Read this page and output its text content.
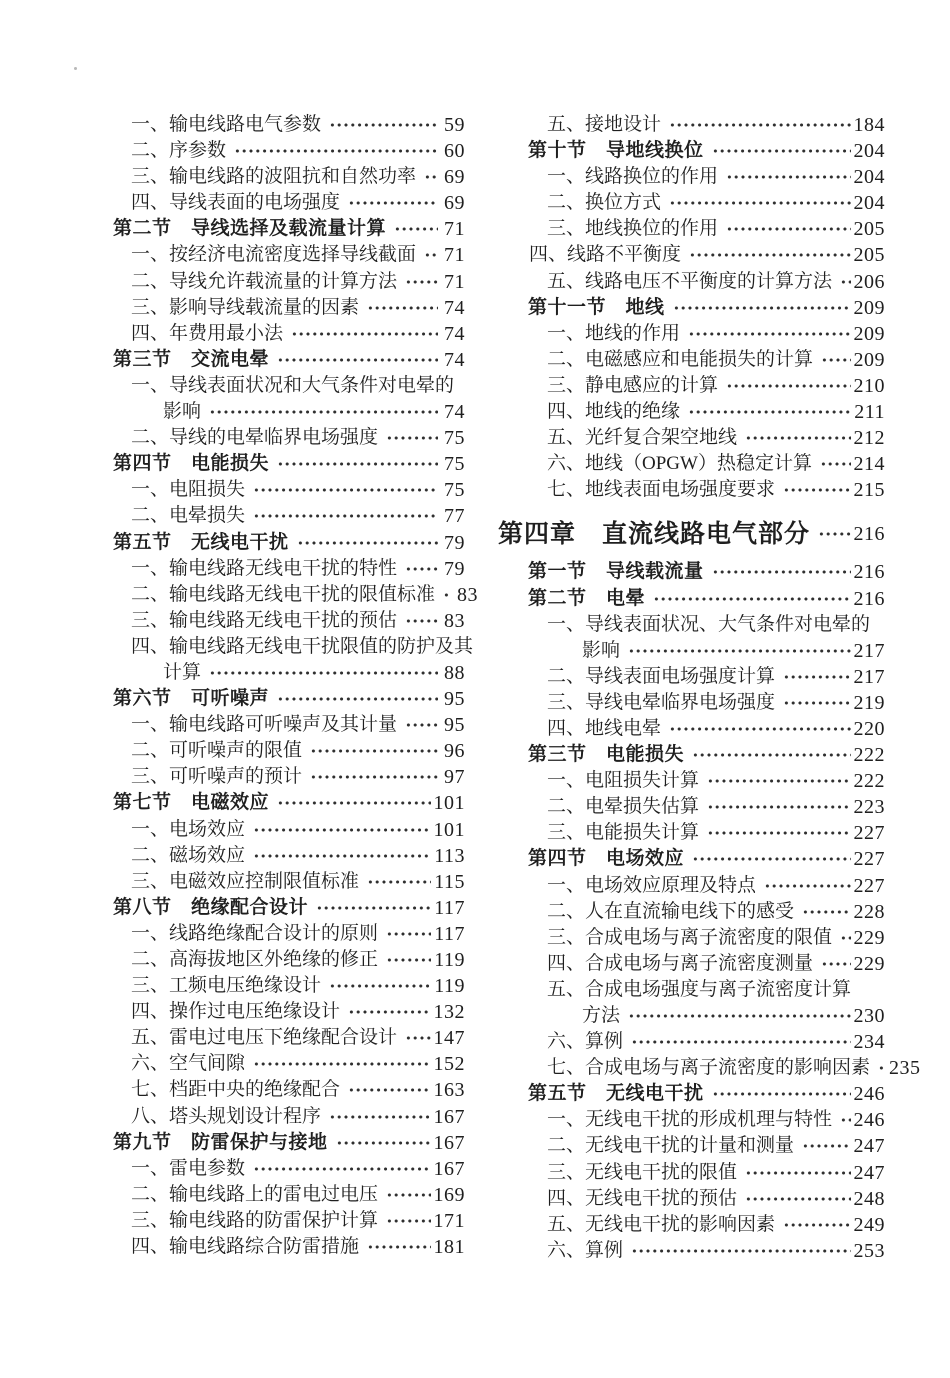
一、输电线路电气参数	59
二、序参数	60
三、输电线路的波阻抗和自然功率 69
四、导线表面的电场强度	69
第二节　导线选择及载流量计算	71
一、按经济电流密度选择导线截面 71
二、导线允许载流量的计算方法 71
三、影响导线载流量的因素	74
四、年费用最小法	74
第三节　交流电晕	74
一、导线表面状况和大气条件对电晕的
影响	74
二、导线的电晕临界电场强度	75
第四节　电能损失	75
一、电阻损失	75
二、电晕损失	77
第五节　无线电干扰	79
一、输电线路无线电干扰的特性 79
二、输电线路无线电干扰的限值标准 83
三、输电线路无线电干扰的预估 83
四、输电线路无线电干扰限值的防护及其
计算	88
第六节　可听噪声	95
一、输电线路可听噪声及其计量 95
二、可听噪声的限值	96
三、可听噪声的预计	97
第七节　电磁效应	101
一、电场效应	101
二、磁场效应	113
三、电磁效应控制限值标准	115
第八节　绝缘配合设计	117
一、线路绝缘配合设计的原则	117
二、高海拔地区外绝缘的修正	119
三、工频电压绝缘设计	119
四、操作过电压绝缘设计	132
五、雷电过电压下绝缘配合设计 147
六、空气间隙	152
七、档距中央的绝缘配合	163
八、塔头规划设计程序	167
第九节　防雷保护与接地	167
一、雷电参数	167
二、输电线路上的雷电过电压	169
三、输电线路的防雷保护计算	171
四、输电线路综合防雷措施	181
五、接地设计	184
第十节　导地线换位	204
一、线路换位的作用	204
二、换位方式	204
三、地线换位的作用	205
四、线路不平衡度	205
五、线路电压不平衡度的计算方法 206
第十一节　地线	209
一、地线的作用	209
二、电磁感应和电能损失的计算 209
三、静电感应的计算	210
四、地线的绝缘	211
五、光纤复合架空地线	212
六、地线（OPGW）热稳定计算 214
七、地线表面电场强度要求	215
第四章　直流线路电气部分 216
第一节　导线载流量	216
第二节　电晕	216
一、导线表面状况、大气条件对电晕的
影响	217
二、导线表面电场强度计算	217
三、导线电晕临界电场强度	219
四、地线电晕	220
第三节　电能损失	222
一、电阻损失计算	222
二、电晕损失估算	223
三、电能损失计算	227
第四节　电场效应	227
一、电场效应原理及特点	227
二、人在直流输电线下的感受	228
三、合成电场与离子流密度的限值 229
四、合成电场与离子流密度测量 229
五、合成电场强度与离子流密度计算
方法	230
六、算例	234
七、合成电场与离子流密度的影响因素 235
第五节　无线电干扰	246
一、无线电干扰的形成机理与特性 246
二、无线电干扰的计量和测量	247
三、无线电干扰的限值	247
四、无线电干扰的预估	248
五、无线电干扰的影响因素	249
六、算例	253
